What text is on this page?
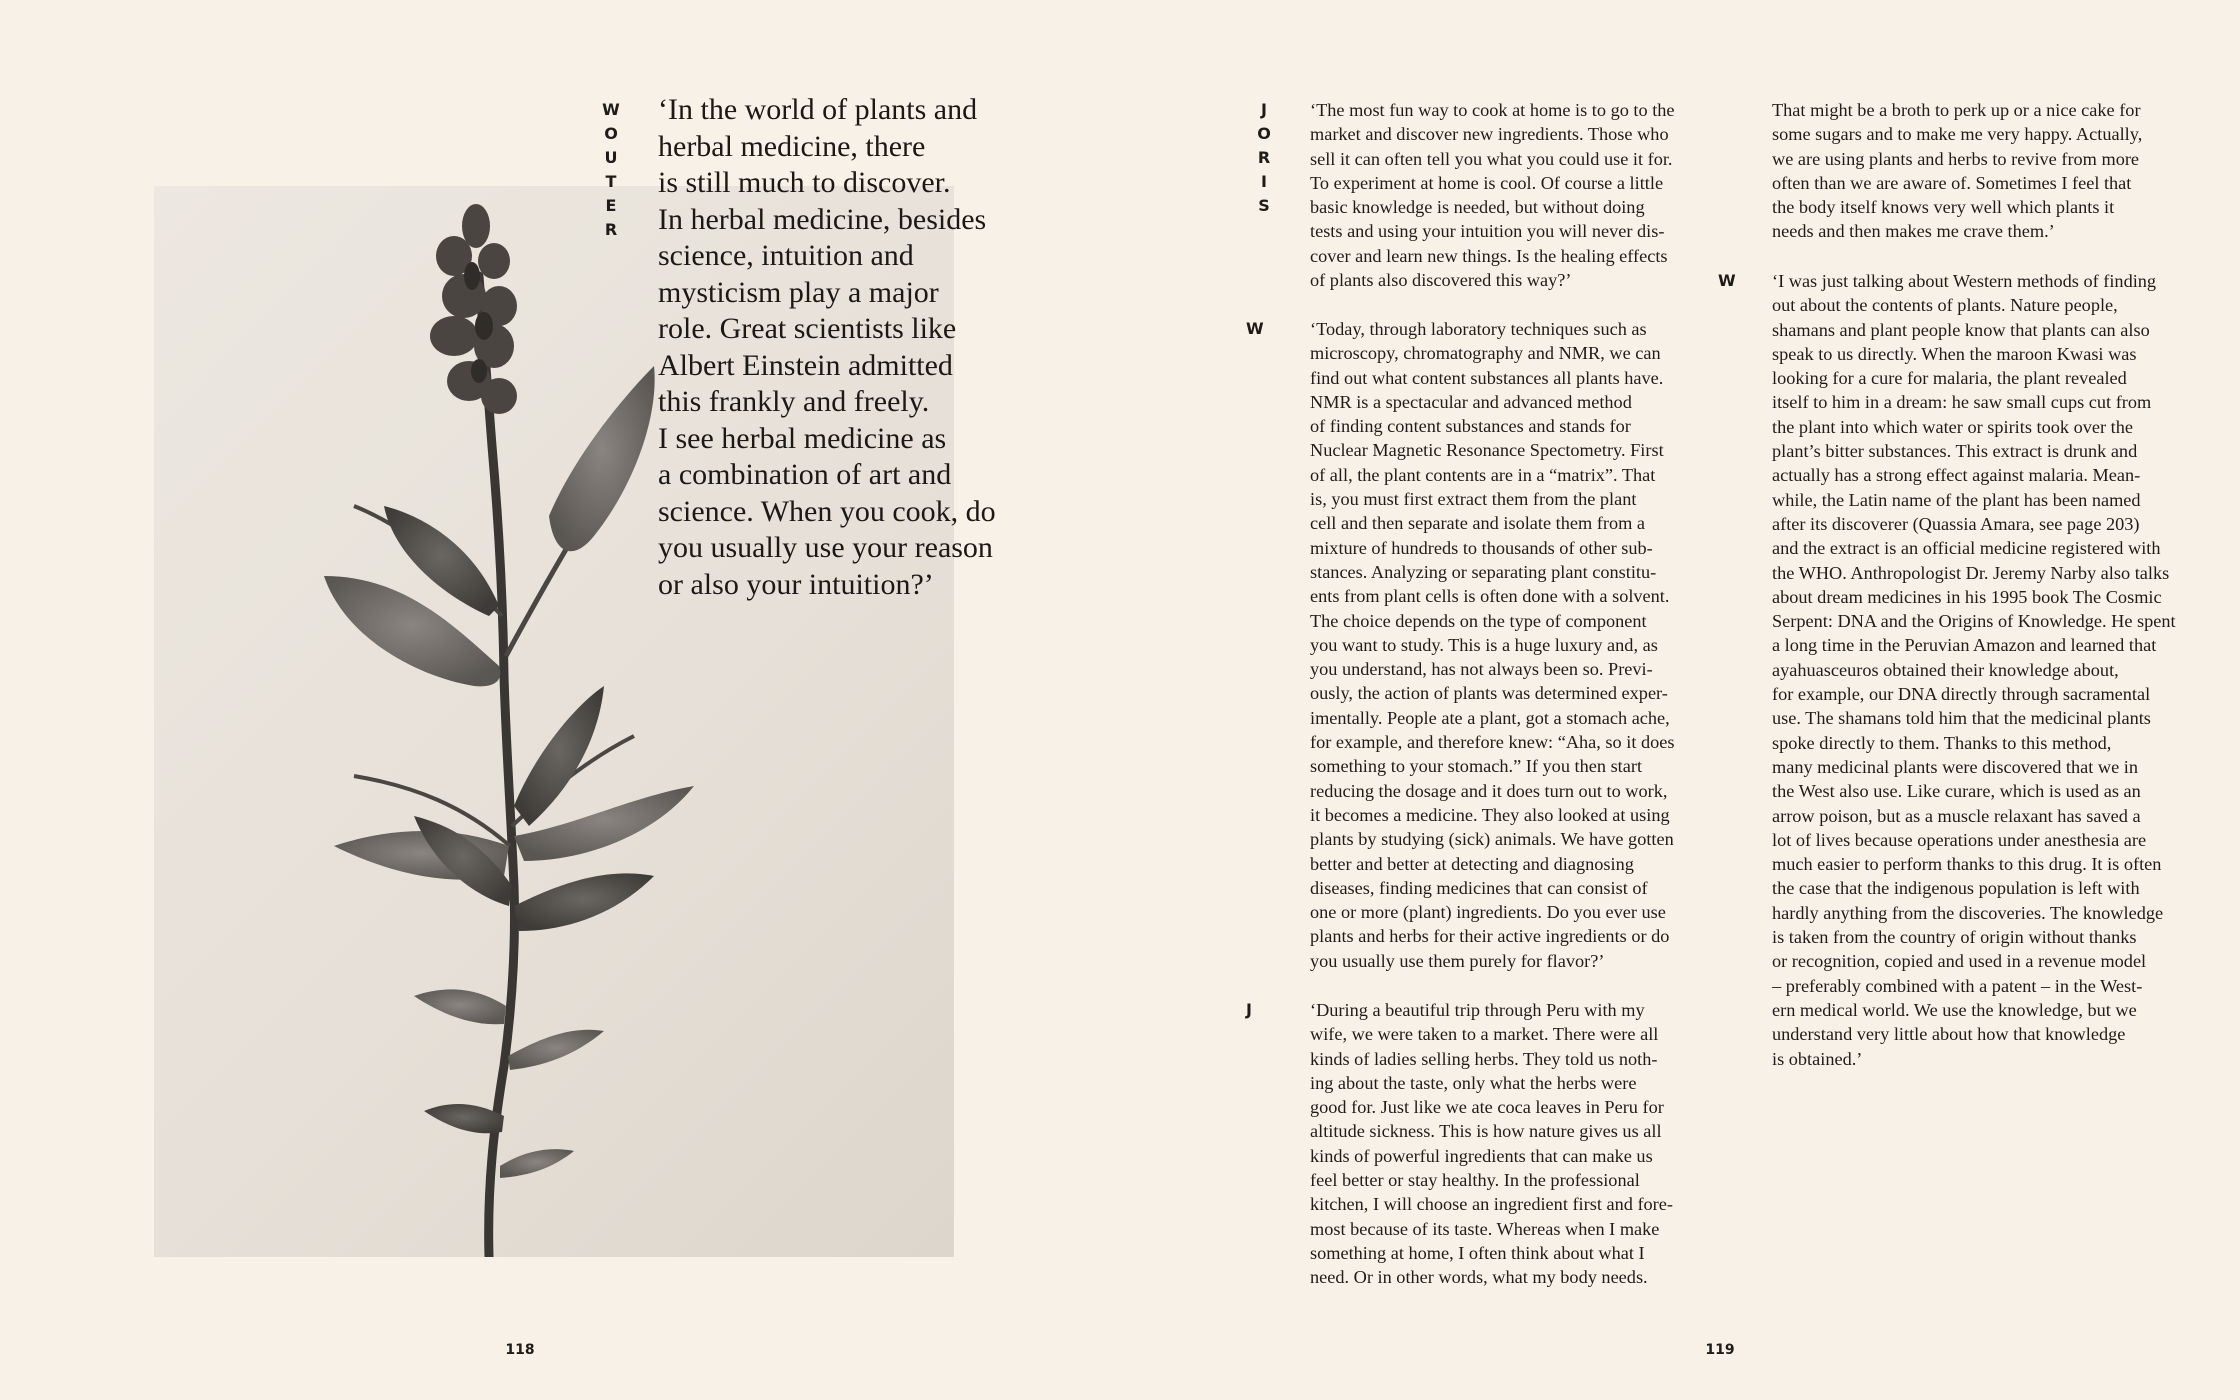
W
O
U
T
E
R

‘In the world of plants and
herbal medicine, there
is still much to discover.
In herbal medicine, besides
science, intuition and
mysticism play a major
role. Great scientists like
Albert Einstein admitted
this frankly and freely.
I see herbal medicine as
a combination of art and
science. When you cook, do
you usually use your reason
or also your intuition?’

118
J
O
R
I
S

‘The most fun way to cook at home is to go to the
market and discover new ingredients. Those who
sell it can often tell you what you could use it for.
To experiment at home is cool. Of course a little
basic knowledge is needed, but without doing
tests and using your intuition you will never dis-
cover and learn new things. Is the healing effects
of plants also discovered this way?’

W	‘Today, through laboratory techniques such as
microscopy, chromatography and NMR, we can
find out what content substances all plants have.
NMR is a spectacular and advanced method
of finding content substances and stands for
Nuclear Magnetic Resonance Spectometry. First
of all, the plant contents are in a “matrix”. That
is, you must first extract them from the plant
cell and then separate and isolate them from a
mixture of hundreds to thousands of other sub-
stances. Analyzing or separating plant constitu-
ents from plant cells is often done with a solvent.
The choice depends on the type of component
you want to study. This is a huge luxury and, as
you understand, has not always been so. Previ-
ously, the action of plants was determined exper-
imentally. People ate a plant, got a stomach ache,
for example, and therefore knew: “Aha, so it does
something to your stomach.” If you then start
reducing the dosage and it does turn out to work,
it becomes a medicine. They also looked at using
plants by studying (sick) animals. We have gotten
better and better at detecting and diagnosing
diseases, finding medicines that can consist of
one or more (plant) ingredients. Do you ever use
plants and herbs for their active ingredients or do
you usually use them purely for flavor?’

J	‘During a beautiful trip through Peru with my
wife, we were taken to a market. There were all
kinds of ladies selling herbs. They told us noth-
ing about the taste, only what the herbs were
good for. Just like we ate coca leaves in Peru for
altitude sickness. This is how nature gives us all
kinds of powerful ingredients that can make us
feel better or stay healthy. In the professional
kitchen, I will choose an ingredient first and fore-
most because of its taste. Whereas when I make
something at home, I often think about what I
need. Or in other words, what my body needs.

That might be a broth to perk up or a nice cake for
some sugars and to make me very happy. Actually,
we are using plants and herbs to revive from more
often than we are aware of. Sometimes I feel that
the body itself knows very well which plants it
needs and then makes me crave them.’

W	‘I was just talking about Western methods of finding
out about the contents of plants. Nature people,
shamans and plant people know that plants can also
speak to us directly. When the maroon Kwasi was
looking for a cure for malaria, the plant revealed
itself to him in a dream: he saw small cups cut from
the plant into which water or spirits took over the
plant’s bitter substances. This extract is drunk and
actually has a strong effect against malaria. Mean-
while, the Latin name of the plant has been named
after its discoverer (Quassia Amara, see page 203)
and the extract is an official medicine registered with
the WHO. Anthropologist Dr. Jeremy Narby also talks
about dream medicines in his 1995 book The Cosmic
Serpent: DNA and the Origins of Knowledge. He spent
a long time in the Peruvian Amazon and learned that
ayahuasceuros obtained their knowledge about,
for example, our DNA directly through sacramental
use. The shamans told him that the medicinal plants
spoke directly to them. Thanks to this method,
many medicinal plants were discovered that we in
the West also use. Like curare, which is used as an
arrow poison, but as a muscle relaxant has saved a
lot of lives because operations under anesthesia are
much easier to perform thanks to this drug. It is often
the case that the indigenous population is left with
hardly anything from the discoveries. The knowledge
is taken from the country of origin without thanks
or recognition, copied and used in a revenue model
– preferably combined with a patent – in the West-
ern medical world. We use the knowledge, but we
understand very little about how that knowledge
is obtained.’

119
